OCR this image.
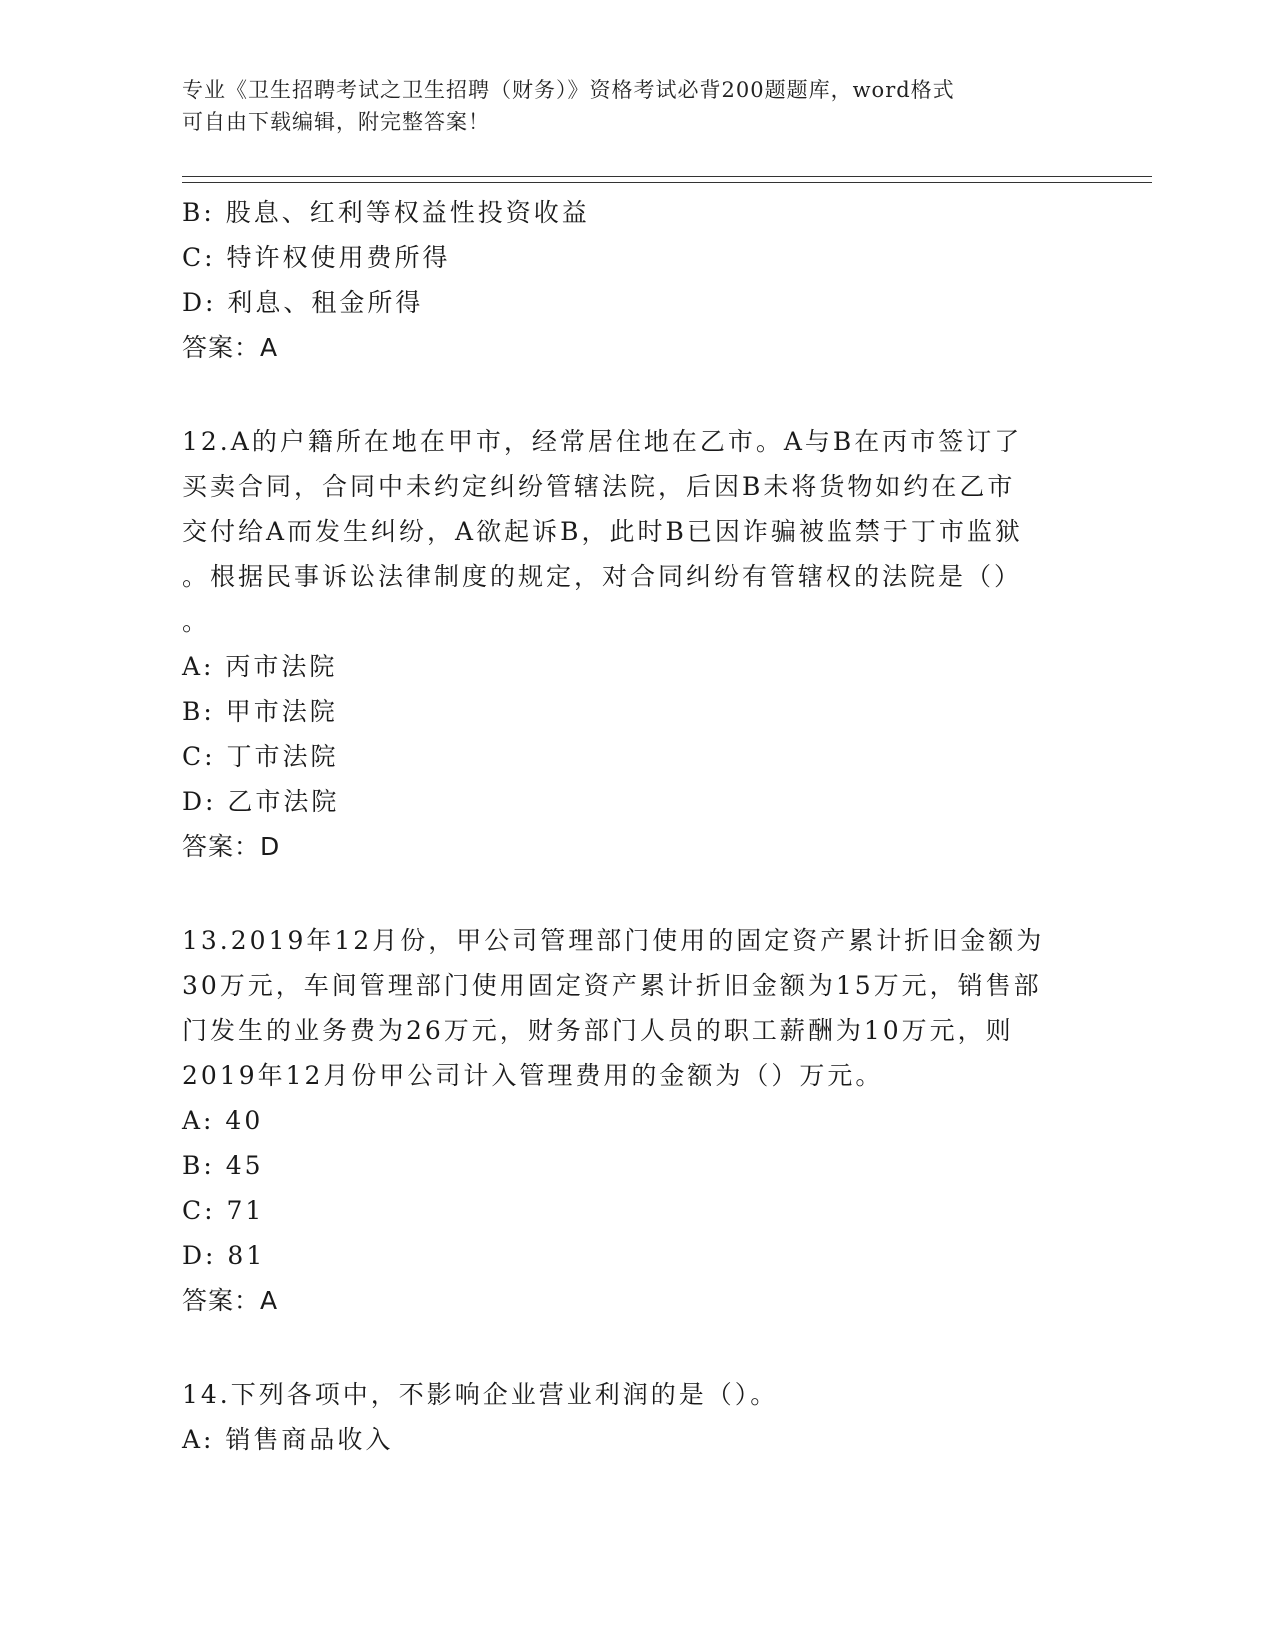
专业《卫生招聘考试之卫生招聘（财务）》资格考试必背200题题库，word格式
可自由下载编辑，附完整答案！
B: 股息、红利等权益性投资收益
C: 特许权使用费所得
D: 利息、租金所得
答案：A
12.A的户籍所在地在甲市，经常居住地在乙市。A与B在丙市签订了
买卖合同，合同中未约定纠纷管辖法院，后因B未将货物如约在乙市
交付给A而发生纠纷，A欲起诉B，此时B已因诈骗被监禁于丁市监狱
。根据民事诉讼法律制度的规定，对合同纠纷有管辖权的法院是（）
。
A: 丙市法院
B: 甲市法院
C: 丁市法院
D: 乙市法院
答案：D
13.2019年12月份，甲公司管理部门使用的固定资产累计折旧金额为
30万元，车间管理部门使用固定资产累计折旧金额为15万元，销售部
门发生的业务费为26万元，财务部门人员的职工薪酬为10万元，则
2019年12月份甲公司计入管理费用的金额为（）万元。
A: 40
B: 45
C: 71
D: 81
答案：A
14.下列各项中，不影响企业营业利润的是（）。
A: 销售商品收入
